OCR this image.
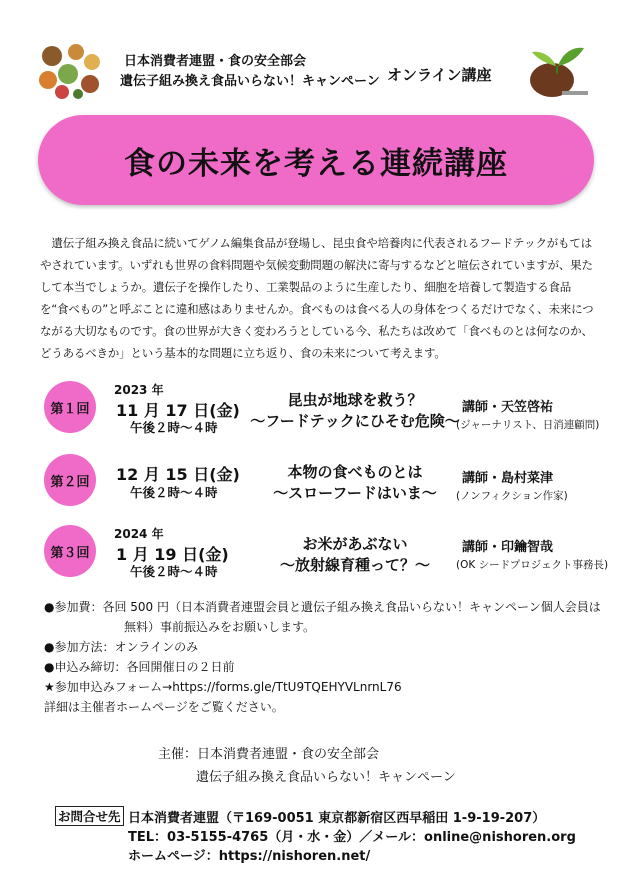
日本消費者連盟・食の安全部会
遺伝子組み換え食品いらない！キャンペーン オンライン講座
食の未来を考える連続講座
遺伝子組み換え食品に続いてゲノム編集食品が登場し、昆虫食や培養肉に代表されるフードテックがもてはやされています。いずれも世界の食料問題や気候変動問題の解決に寄与するなどと喧伝されていますが、果たして本当でしょうか。遺伝子を操作したり、工業製品のように生産したり、細胞を培養して製造する食品を“食べもの”と呼ぶことに違和感はありませんか。食べものは食べる人の身体をつくるだけでなく、未来につながる大切なものです。食の世界が大きく変わろうとしている今、私たちは改めて「食べものとは何なのか、どうあるべきか」という基本的な問題に立ち返り、食の未来について考えます。
第１回
2023 年
11 月 17 日(金)
午後２時〜４時
昆虫が地球を救う？
〜フードテックにひそむ危険〜
講師・天笠啓祐
(ジャーナリスト、日消連顧問)
第２回	12 月 15 日(金)
午後２時〜４時
本物の食べものとは
〜スローフードはいま〜
講師・島村菜津
(ノンフィクション作家)
第３回
2024 年
1 月 19 日(金)
午後２時〜４時
お米があぶない
〜放射線育種って？〜
講師・印鑰智哉
(OK シードプロジェクト事務長)
●参加費：各回 500 円（日本消費者連盟会員と遺伝子組み換え食品いらない！キャンペーン個人会員は
無料）事前振込みをお願いします。
●参加方法：オンラインのみ
●申込み締切：各回開催日の２日前
★参加申込みフォーム→https://forms.gle/TtU9TQEHYVLnrnL76
詳細は主催者ホームページをご覧ください。
主催：日本消費者連盟・食の安全部会
遺伝子組み換え食品いらない！キャンペーン
お問合せ先 日本消費者連盟（〒169-0051 東京都新宿区西早稲田 1-9-19-207）
TEL：03-5155-4765（月・水・金）／メール：online@nishoren.org
ホームページ：https://nishoren.net/
